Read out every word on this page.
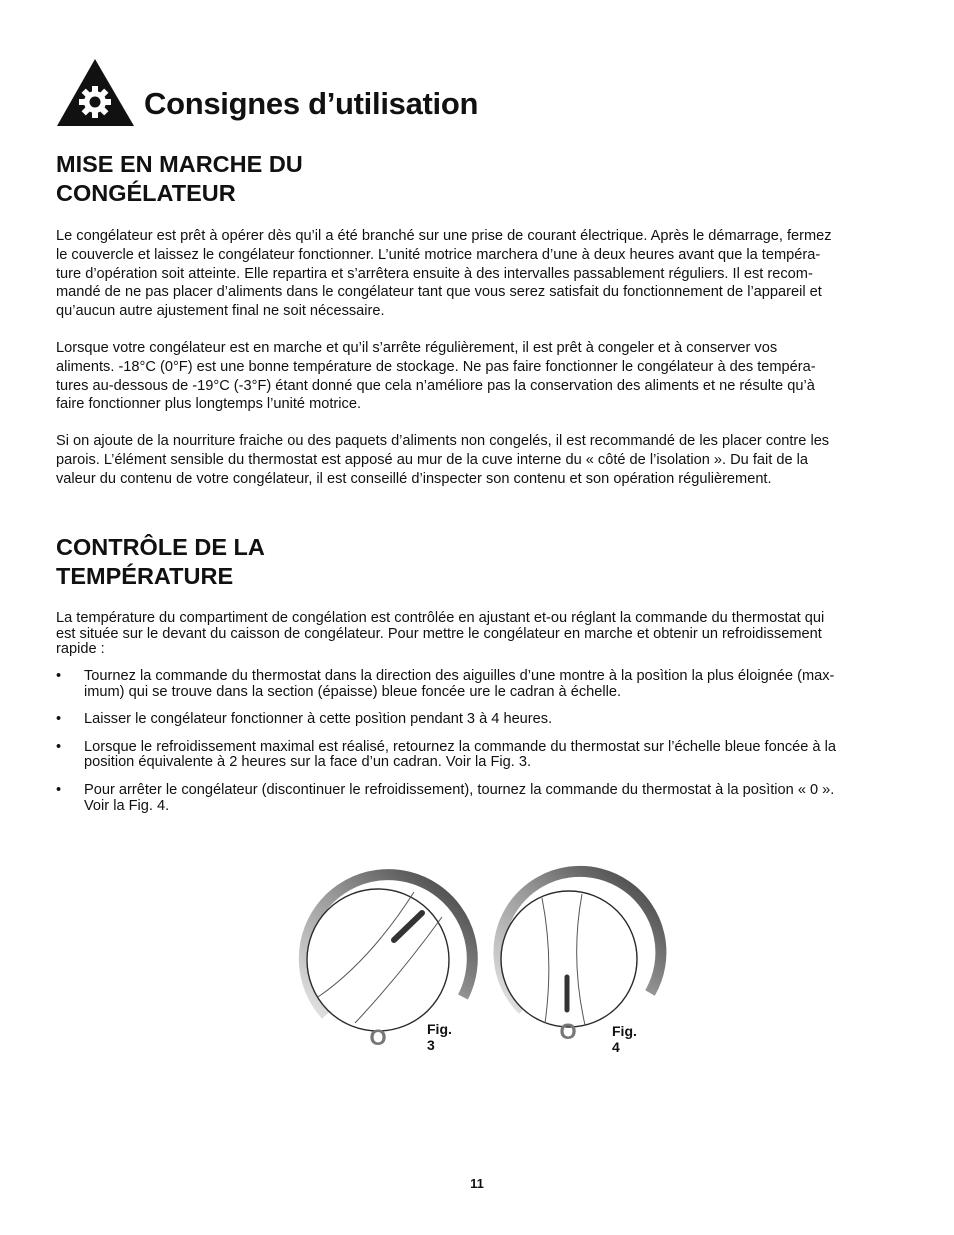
Consignes d’utilisation
MISE EN MARCHE DU
CONGÉLATEUR

Le congélateur est prêt à opérer dès qu’il a été branché sur une prise de courant électrique. Après le démarrage, fermez
le couvercle et laissez le congélateur fonctionner. L’unité motrice marchera d’une à deux heures avant que la tempéra-
ture d’opération soit atteinte. Elle repartira et s’arrêtera ensuite à des intervalles passablement réguliers. Il est recom-
mandé de ne pas placer d’aliments dans le congélateur tant que vous serez satisfait du fonctionnement de l’appareil et
qu’aucun autre ajustement final ne soit nécessaire.

Lorsque votre congélateur est en marche et qu’il s’arrête régulièrement, il est prêt à congeler et à conserver vos
aliments. -18°C (0°F) est une bonne température de stockage. Ne pas faire fonctionner le congélateur à des tempéra-
tures au-dessous de -19°C (-3°F) étant donné que cela n’améliore pas la conservation des aliments et ne résulte qu’à
faire fonctionner plus longtemps l’unité motrice.

Si on ajoute de la nourriture fraiche ou des paquets d’aliments non congelés, il est recommandé de les placer contre les
parois. L’élément sensible du thermostat est apposé au mur de la cuve interne du « côté de l’isolation ». Du fait de la
valeur du contenu de votre congélateur, il est conseillé d’inspecter son contenu et son opération régulièrement.

CONTRÔLE DE LA
TEMPÉRATURE

La température du compartiment de congélation est contrôlée en ajustant et-ou réglant la commande du thermostat qui
est située sur le devant du caisson de congélateur. Pour mettre le congélateur en marche et obtenir un refroidissement
rapide :

• Tournez la commande du thermostat dans la direction des aiguilles d’une montre à la posìtion la plus éloignée (max-
imum) qui se trouve dans la section (épaisse) bleue foncée ure le cadran à échelle.
• Laisser le congélateur fonctionner à cette posìtion pendant 3 à 4 heures.
• Lorsque le refroidissement maximal est réalisé, retournez la commande du thermostat sur l’échelle bleue foncée à la
position équivalente à 2 heures sur la face d’un cadran. Voir la Fig. 3.
• Pour arrêter le congélateur (discontinuer le refroidissement), tournez la commande du thermostat à la posìtion « 0 ».
Voir la Fig. 4.
O	Fig. 3
O	Fig. 4
11
